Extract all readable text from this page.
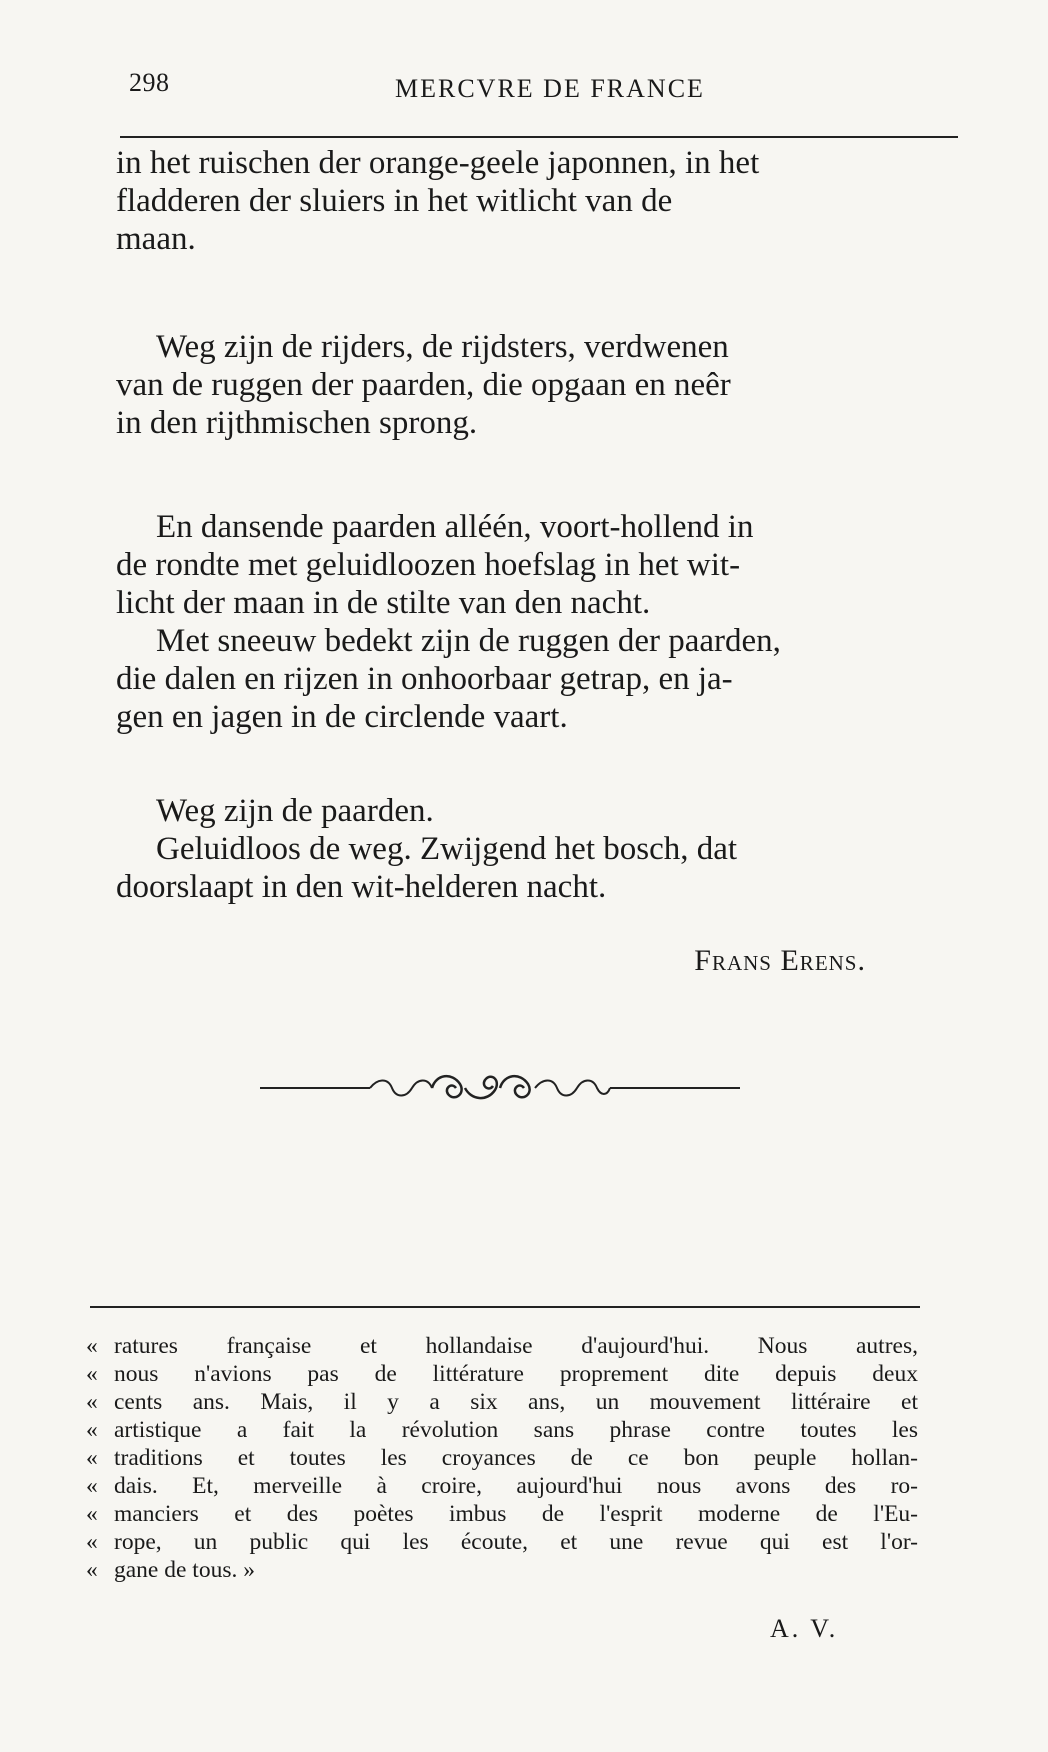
298	MERCVRE DE FRANCE

in het ruischen der orange-geele japonnen, in het
fladderen der sluiers in het witlicht van de
maan.

Weg zijn de rijders, de rijdsters, verdwenen
van de ruggen der paarden, die opgaan en neêr
in den rijthmischen sprong.

En dansende paarden alléén, voort-hollend in
de rondte met geluidloozen hoefslag in het wit-
licht der maan in de stilte van den nacht.

Met sneeuw bedekt zijn de ruggen der paarden,
die dalen en rijzen in onhoorbaar getrap, en ja-
gen en jagen in de circlende vaart.

Weg zijn de paarden.

Geluidloos de weg. Zwijgend het bosch, dat
doorslaapt in den wit-helderen nacht.

Frans Erens.
« ratures française et hollandaise d'aujourd'hui. Nous autres,
« nous n'avions pas de littérature proprement dite depuis deux
« cents ans. Mais, il y a six ans, un mouvement littéraire et
« artistique a fait la révolution sans phrase contre toutes les
« traditions et toutes les croyances de ce bon peuple hollan-
« dais. Et, merveille à croire, aujourd'hui nous avons des ro-
« manciers et des poètes imbus de l'esprit moderne de l'Eu-
« rope, un public qui les écoute, et une revue qui est l'or-
« gane de tous. »
A. V.
